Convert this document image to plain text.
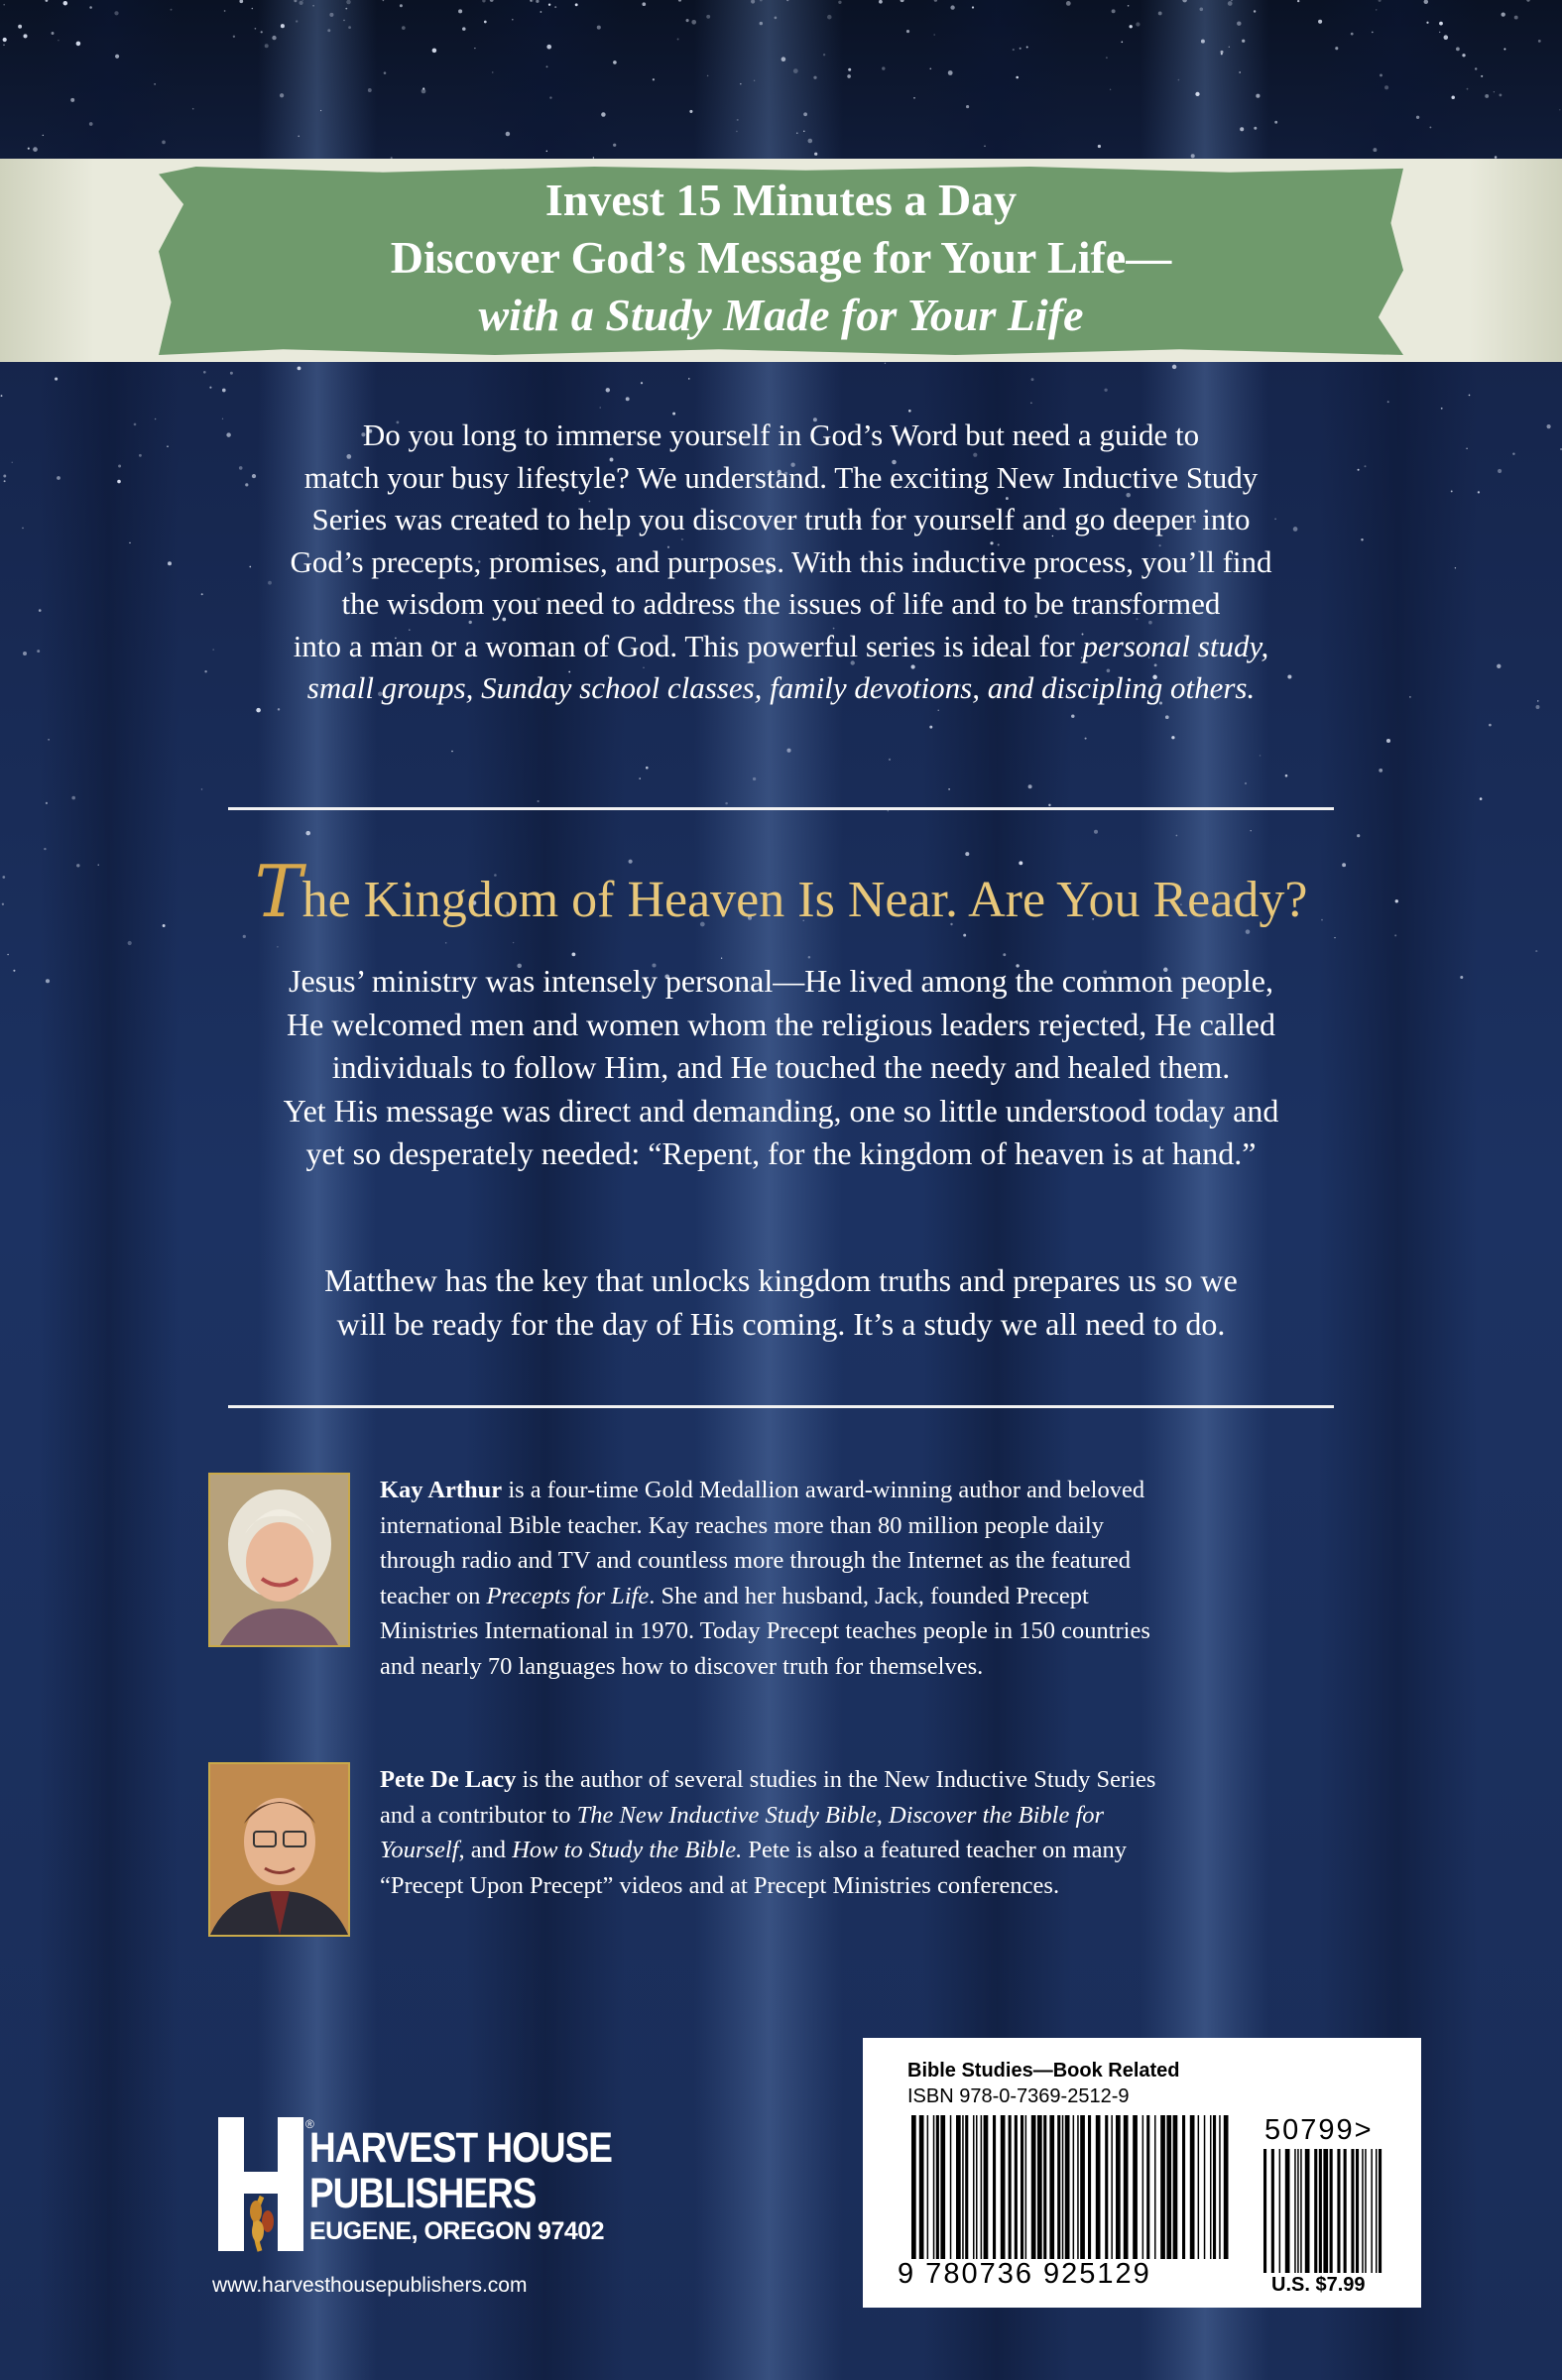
Invest 15 Minutes a Day
Discover God’s Message for Your Life—
with a Study Made for Your Life

Do you long to immerse yourself in God’s Word but need a guide to

match your busy lifestyle? We understand. The exciting New Inductive Study

Series was created to help you discover truth for yourself and go deeper into

God’s precepts, promises, and purposes. With this inductive process, you’ll find

the wisdom you need to address the issues of life and to be transformed

into a man or a woman of God. This powerful series is ideal for personal study,

small groups, Sunday school classes, family devotions, and discipling others.

The Kingdom of Heaven Is Near. Are You Ready?

Jesus’ ministry was intensely personal—He lived among the common people,

He welcomed men and women whom the religious leaders rejected, He called

individuals to follow Him, and He touched the needy and healed them.

Yet His message was direct and demanding, one so little understood today and

yet so desperately needed: “Repent, for the kingdom of heaven is at hand.”

Matthew has the key that unlocks kingdom truths and prepares us so we

will be ready for the day of His coming. It’s a study we all need to do.

Kay Arthur is a four-time Gold Medallion award-winning author and beloved

international Bible teacher. Kay reaches more than 80 million people daily

through radio and TV and countless more through the Internet as the featured

teacher on Precepts for Life. She and her husband, Jack, founded Precept

Ministries International in 1970. Today Precept teaches people in 150 countries

and nearly 70 languages how to discover truth for themselves.

Pete De Lacy is the author of several studies in the New Inductive Study Series

and a contributor to The New Inductive Study Bible, Discover the Bible for

Yourself, and How to Study the Bible. Pete is also a featured teacher on many

“Precept Upon Precept” videos and at Precept Ministries conferences.

®
HARVEST HOUSE
PUBLISHERS
EUGENE, OREGON 97402
www.harvesthousepublishers.com
Bible Studies—Book Related
ISBN 978-0-7369-2512-9
9 780736 925129
50799>
U.S. $7.99
